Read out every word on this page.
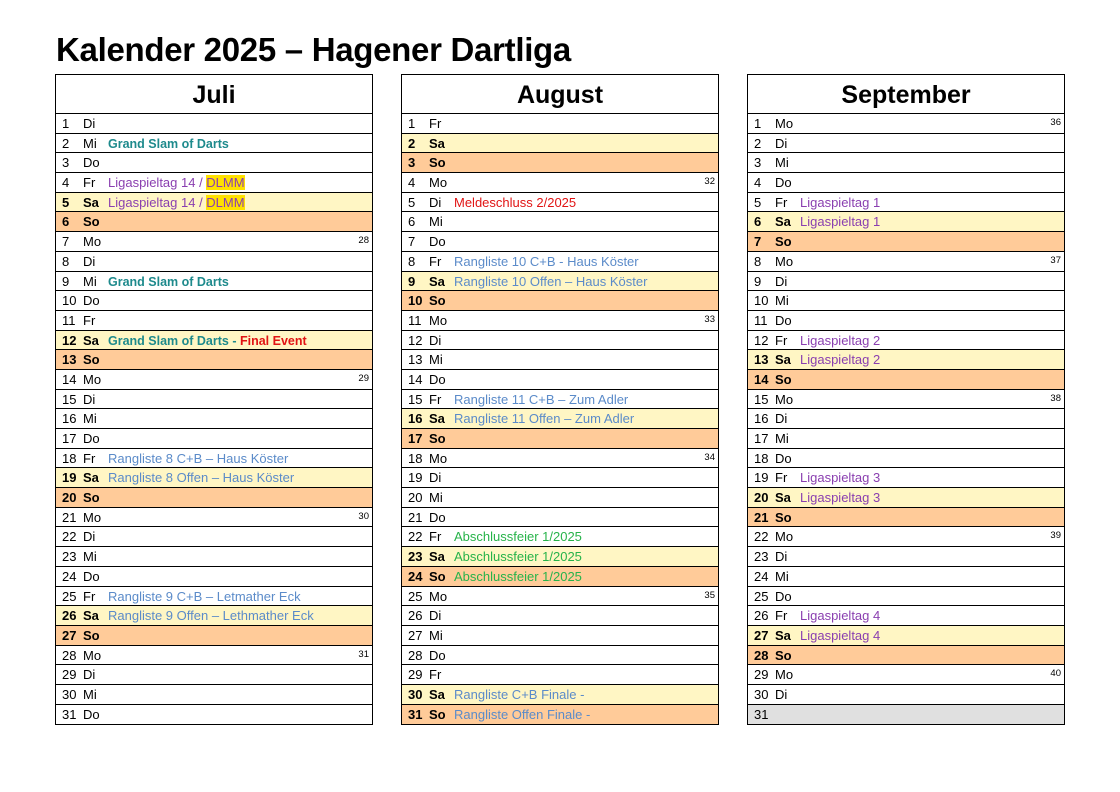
Kalender 2025 – Hagener Dartliga
Juli
1 Di
2 Mi Grand Slam of Darts
3 Do
4 Fr Ligaspieltag 14 / DLMM
5 Sa Ligaspieltag 14 / DLMM
6 So
7 Mo	28
8 Di
9 Mi Grand Slam of Darts
10 Do
11 Fr
12 Sa Grand Slam of Darts - Final Event
13 So
14 Mo	29
15 Di
16 Mi
17 Do
18 Fr Rangliste 8 C+B – Haus Köster
19 Sa Rangliste 8 Offen – Haus Köster
20 So
21 Mo	30
22 Di
23 Mi
24 Do
25 Fr Rangliste 9 C+B – Letmather Eck
26 Sa Rangliste 9 Offen – Lethmather Eck
27 So
28 Mo	31
29 Di
30 Mi
31 Do
August
1 Fr
2 Sa
3 So
4 Mo	32
5 Di Meldeschluss 2/2025
6 Mi
7 Do
8 Fr Rangliste 10 C+B - Haus Köster
9 Sa Rangliste 10 Offen – Haus Köster
10 So
11 Mo	33
12 Di
13 Mi
14 Do
15 Fr Rangliste 11 C+B – Zum Adler
16 Sa Rangliste 11 Offen – Zum Adler
17 So
18 Mo	34
19 Di
20 Mi
21 Do
22 Fr Abschlussfeier 1/2025
23 Sa Abschlussfeier 1/2025
24 So Abschlussfeier 1/2025
25 Mo	35
26 Di
27 Mi
28 Do
29 Fr
30 Sa Rangliste C+B Finale -
31 So Rangliste Offen Finale -
September
1 Mo	36
2 Di
3 Mi
4 Do
5 Fr Ligaspieltag 1
6 Sa Ligaspieltag 1
7 So
8 Mo	37
9 Di
10 Mi
11 Do
12 Fr Ligaspieltag 2
13 Sa Ligaspieltag 2
14 So
15 Mo	38
16 Di
17 Mi
18 Do
19 Fr Ligaspieltag 3
20 Sa Ligaspieltag 3
21 So
22 Mo	39
23 Di
24 Mi
25 Do
26 Fr Ligaspieltag 4
27 Sa Ligaspieltag 4
28 So
29 Mo	40
30 Di
31
